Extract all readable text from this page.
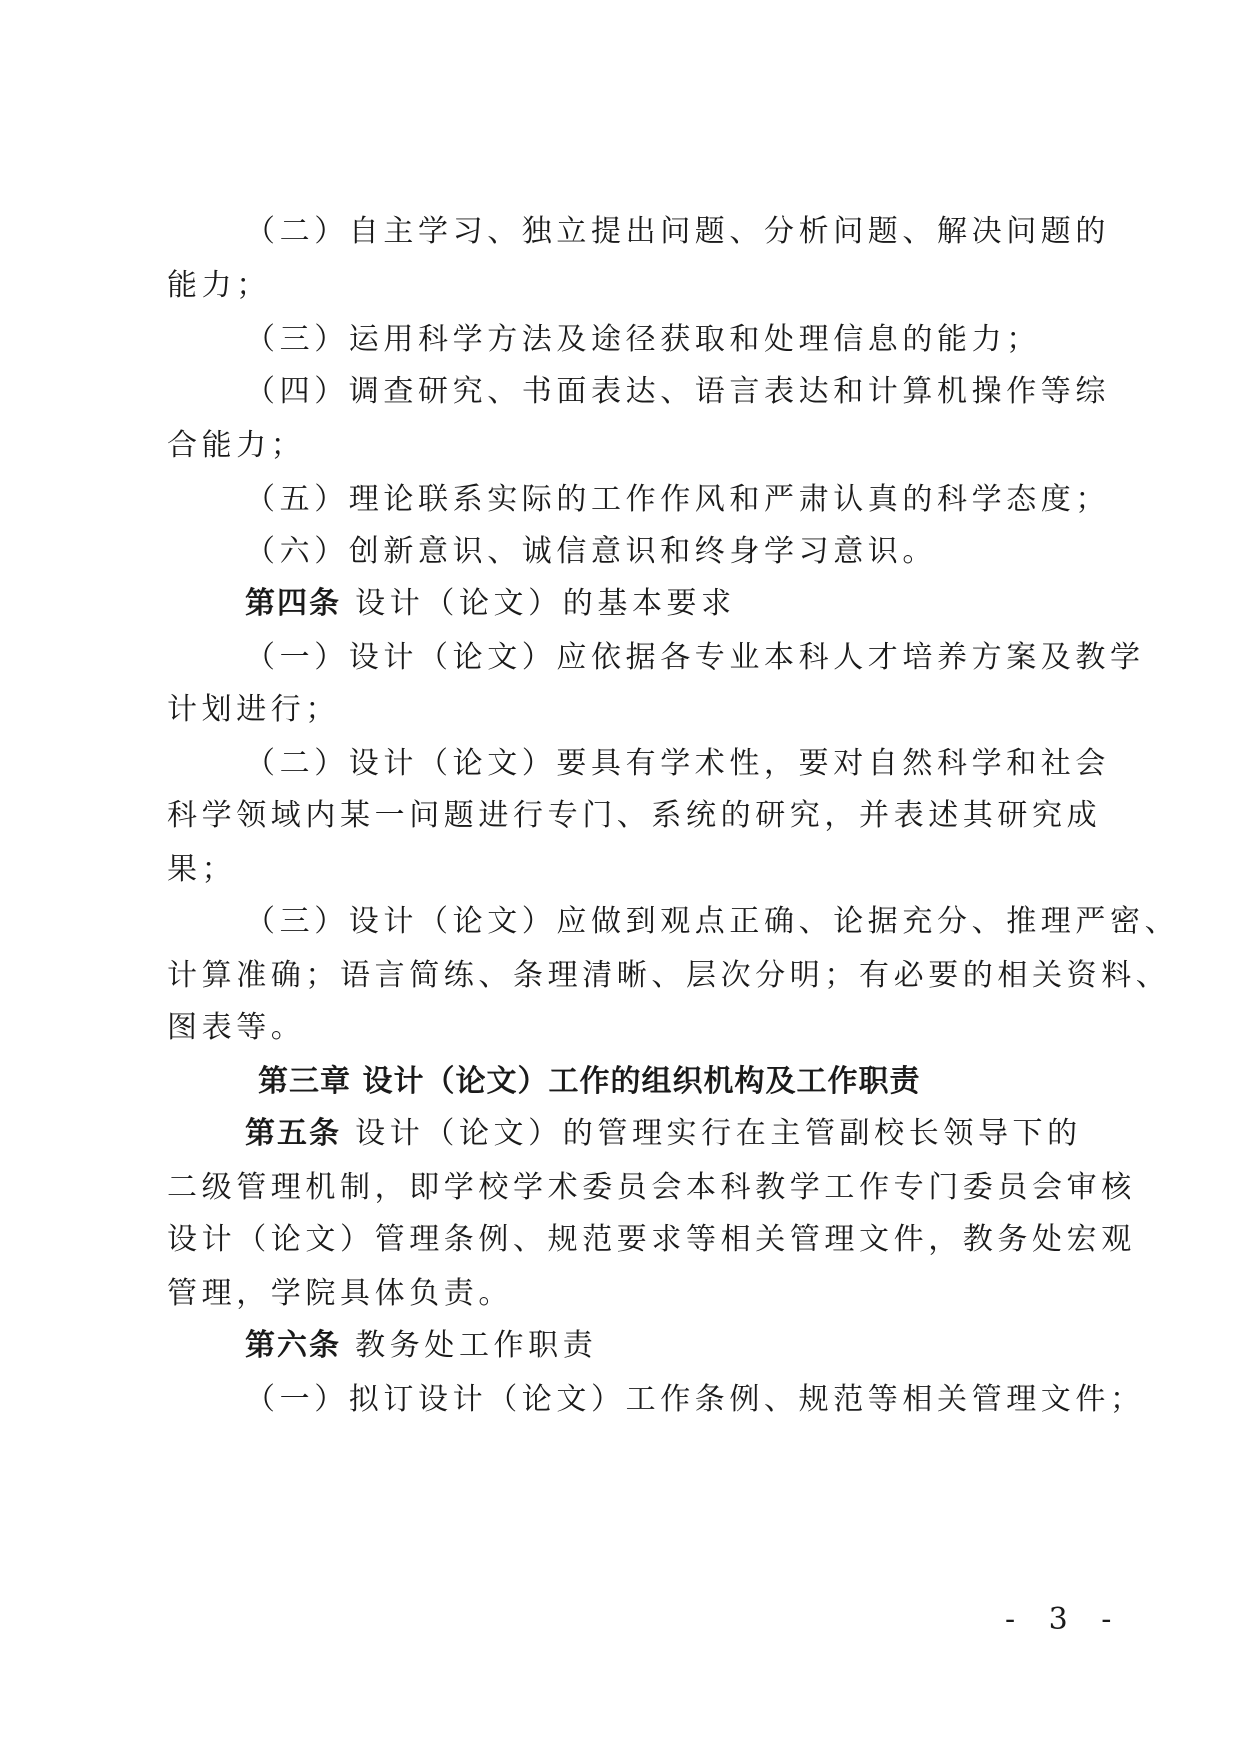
（二）自主学习、独立提出问题、分析问题、解决问题的
能力；
（三）运用科学方法及途径获取和处理信息的能力；
（四）调查研究、书面表达、语言表达和计算机操作等综
合能力；
（五）理论联系实际的工作作风和严肃认真的科学态度；
（六）创新意识、诚信意识和终身学习意识。
第四条 设计（论文）的基本要求
（一）设计（论文）应依据各专业本科人才培养方案及教学
计划进行；
（二）设计（论文）要具有学术性，要对自然科学和社会
科学领域内某一问题进行专门、系统的研究，并表述其研究成
果；
（三）设计（论文）应做到观点正确、论据充分、推理严密、
计算准确；语言简练、条理清晰、层次分明；有必要的相关资料、
图表等。
第三章 设计（论文）工作的组织机构及工作职责
第五条 设计（论文）的管理实行在主管副校长领导下的
二级管理机制，即学校学术委员会本科教学工作专门委员会审核
设计（论文）管理条例、规范要求等相关管理文件，教务处宏观
管理，学院具体负责。
第六条 教务处工作职责
（一）拟订设计（论文）工作条例、规范等相关管理文件；
- 3 -
